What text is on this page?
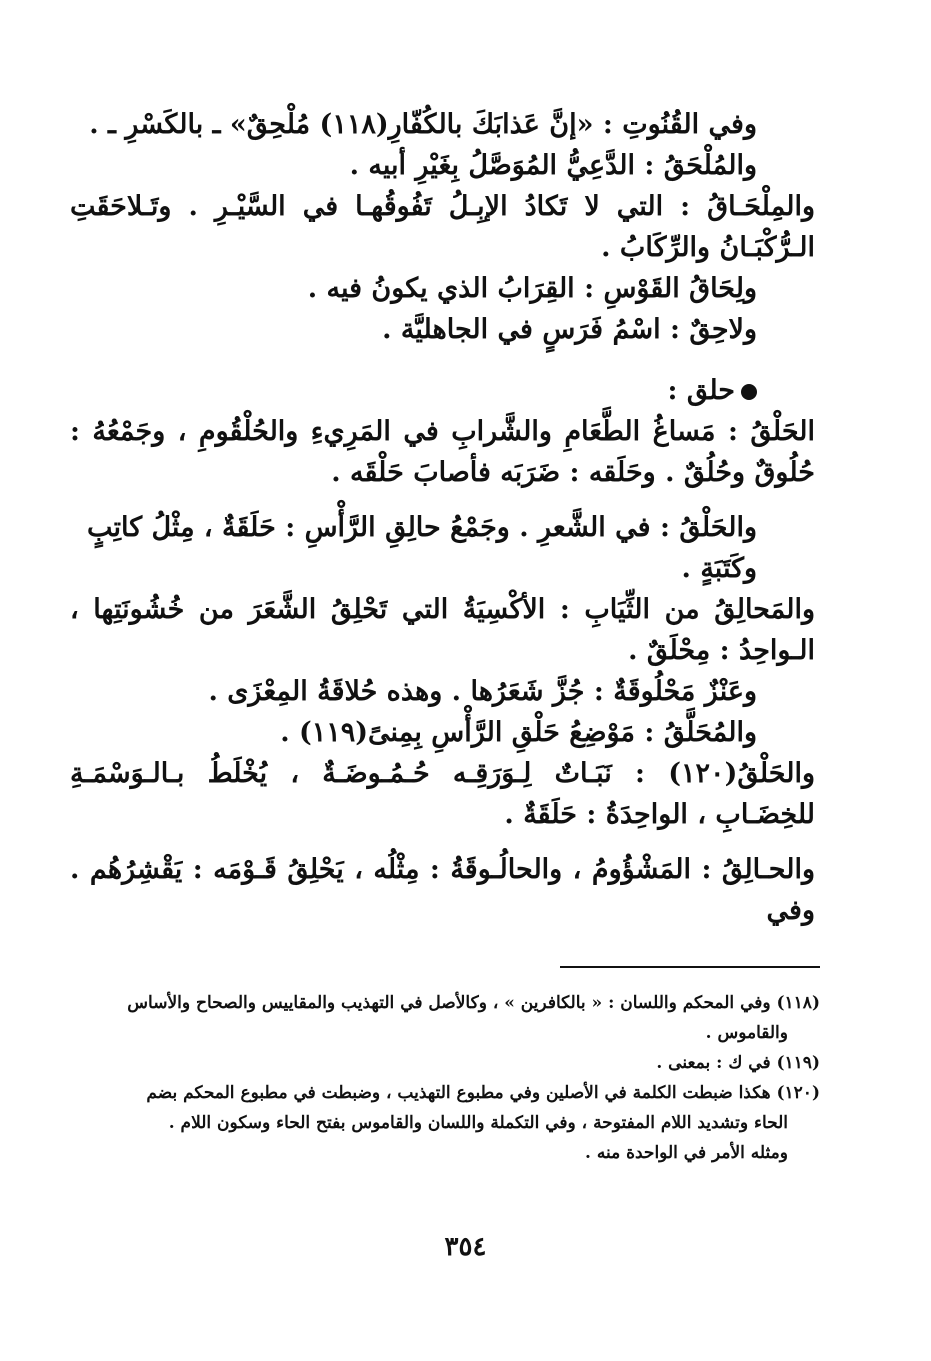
وفي القُنُوتِ : «إنَّ عَذابَكَ بالكُفّارِ(١١٨) مُلْحِقٌ» ـ بالكَسْرِ ـ .

والمُلْحَقُ : الدَّعِيُّ المُوَصَّلُ بِغَيْرِ أبيه .

والمِلْحَـاقُ : التي لا تَكادُ الإبِـلُ تَفُوقُهـا في السَّيْـرِ . وتَـلاحَقَتِ الـرُّكْبَـانُ والرِّكَابُ .

ولِحَاقُ القَوْسِ : القِرَابُ الذي يكونُ فيه .

ولاحِقٌ : اسْمُ فَرَسٍ في الجاهليَّة .

حلق :

الحَلْقُ : مَساغُ الطَّعَامِ والشَّرابِ في المَرِيءِ والحُلْقُومِ ، وجَمْعُهُ : حُلُوقٌ وحُلُقٌ . وحَلَقه : ضَرَبَه فأصابَ حَلْقَه .

والحَلْقُ : في الشَّعرِ . وجَمْعُ حالِقِ الرَّأْسِ : حَلَقَةٌ ، مِثْلُ كاتِبٍ وكَتَبَةٍ .

والمَحالِقُ من الثِّيَابِ : الأكْسِيَةُ التي تَحْلِقُ الشَّعَرَ من خُشُونَتِها ، الـواحِدُ : مِحْلَقٌ .

وعَنْزٌ مَحْلُوقَةٌ : جُزَّ شَعَرُها . وهذه حُلاقَةُ المِعْزَى .

والمُحَلَّقُ : مَوْضِعُ حَلْقِ الرَّأْسِ بِمِنىً(١١٩) .

والحَلْقُ(١٢٠) : نَبَـاتٌ لِـوَرَقِـه حُـمُـوضَـةٌ ، يُخْلَطُ بـالـوَسْمَـةِ للخِضَـابِ ، الواحِدَةُ : حَلَقَةٌ .

والحـالِقُ : المَشْؤُومُ ، والحالُـوقَةُ : مِثْلُه ، يَحْلِقُ قَـوْمَه : يَقْشِرُهُم . وفي

(١١٨) وفي المحكم واللسان : « بالكافرين » ، وكالأصل في التهذيب والمقاييس والصحاح والأساس

والقاموس .

(١١٩) في ك : بمعنى .

(١٢٠) هكذا ضبطت الكلمة في الأصلين وفي مطبوع التهذيب ، وضبطت في مطبوع المحكم بضم

الحاء وتشديد اللام المفتوحة ، وفي التكملة واللسان والقاموس بفتح الحاء وسكون اللام .

ومثله الأمر في الواحدة منه .

٣٥٤
